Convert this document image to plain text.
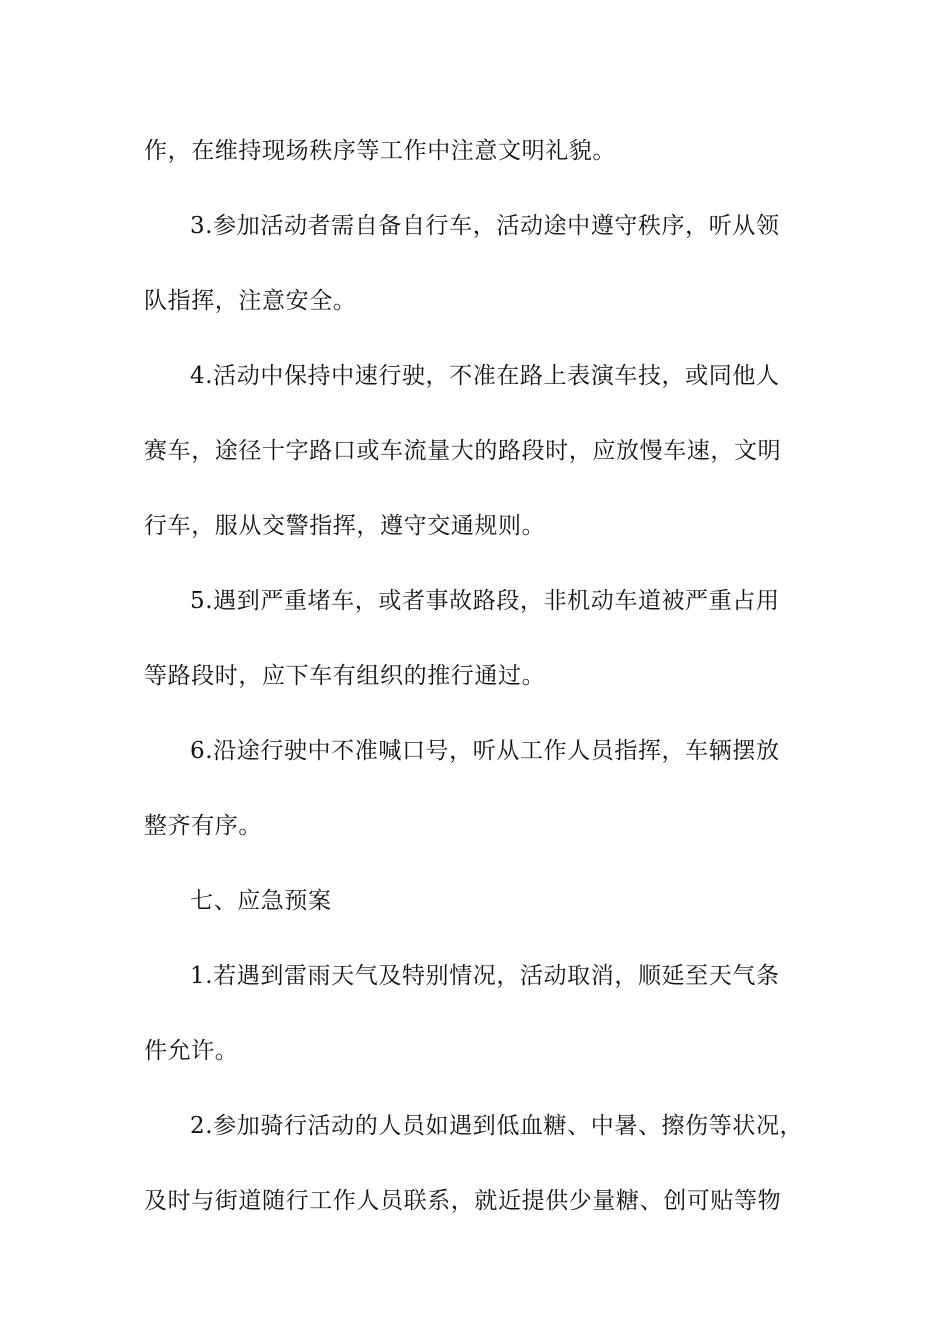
作，在维持现场秩序等工作中注意文明礼貌。
3.参加活动者需自备自行车，活动途中遵守秩序，听从领
队指挥，注意安全。
4.活动中保持中速行驶，不准在路上表演车技，或同他人
赛车，途径十字路口或车流量大的路段时，应放慢车速，文明
行车，服从交警指挥，遵守交通规则。
5.遇到严重堵车，或者事故路段，非机动车道被严重占用
等路段时，应下车有组织的推行通过。
6.沿途行驶中不准喊口号，听从工作人员指挥，车辆摆放
整齐有序。
七、应急预案
1.若遇到雷雨天气及特别情况，活动取消，顺延至天气条
件允许。
2.参加骑行活动的人员如遇到低血糖、中暑、擦伤等状况，
及时与街道随行工作人员联系，就近提供少量糖、创可贴等物
